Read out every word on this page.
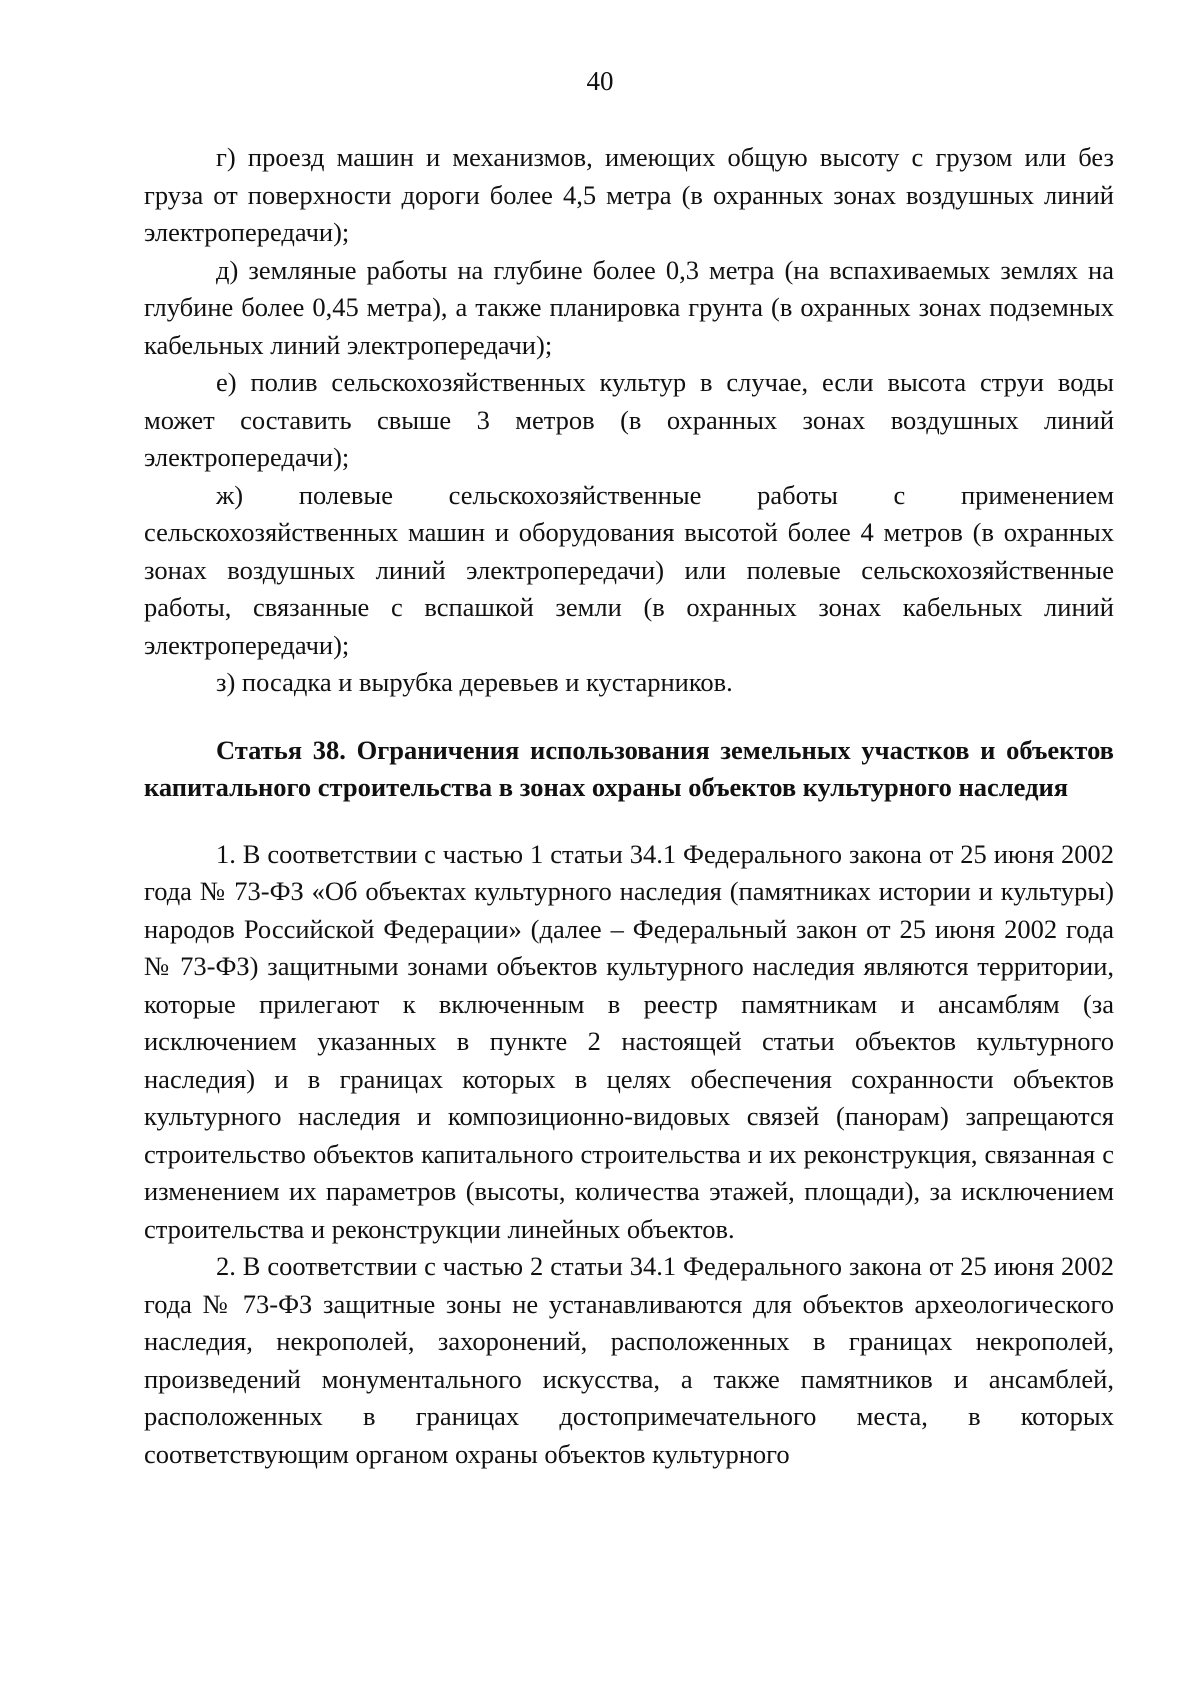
40

г) проезд машин и механизмов, имеющих общую высоту с грузом или без груза от поверхности дороги более 4,5 метра (в охранных зонах воздушных линий электропередачи);

д) земляные работы на глубине более 0,3 метра (на вспахиваемых землях на глубине более 0,45 метра), а также планировка грунта (в охранных зонах подземных кабельных линий электропередачи);

е) полив сельскохозяйственных культур в случае, если высота струи воды может составить свыше 3 метров (в охранных зонах воздушных линий электропередачи);

ж) полевые сельскохозяйственные работы с применением сельскохозяйственных машин и оборудования высотой более 4 метров (в охранных зонах воздушных линий электропередачи) или полевые сельскохозяйственные работы, связанные с вспашкой земли (в охранных зонах кабельных линий электропередачи);

з) посадка и вырубка деревьев и кустарников.

Статья 38. Ограничения использования земельных участков и объектов капитального строительства в зонах охраны объектов культурного наследия

1. В соответствии с частью 1 статьи 34.1 Федерального закона от 25 июня 2002 года № 73-ФЗ «Об объектах культурного наследия (памятниках истории и культуры) народов Российской Федерации» (далее – Федеральный закон от 25 июня 2002 года № 73-ФЗ) защитными зонами объектов культурного наследия являются территории, которые прилегают к включенным в реестр памятникам и ансамблям (за исключением указанных в пункте 2 настоящей статьи объектов культурного наследия) и в границах которых в целях обеспечения сохранности объектов культурного наследия и композиционно-видовых связей (панорам) запрещаются строительство объектов капитального строительства и их реконструкция, связанная с изменением их параметров (высоты, количества этажей, площади), за исключением строительства и реконструкции линейных объектов.

2. В соответствии с частью 2 статьи 34.1 Федерального закона от 25 июня 2002 года № 73-ФЗ защитные зоны не устанавливаются для объектов археологического наследия, некрополей, захоронений, расположенных в границах некрополей, произведений монументального искусства, а также памятников и ансамблей, расположенных в границах достопримечательного места, в которых соответствующим органом охраны объектов культурного
